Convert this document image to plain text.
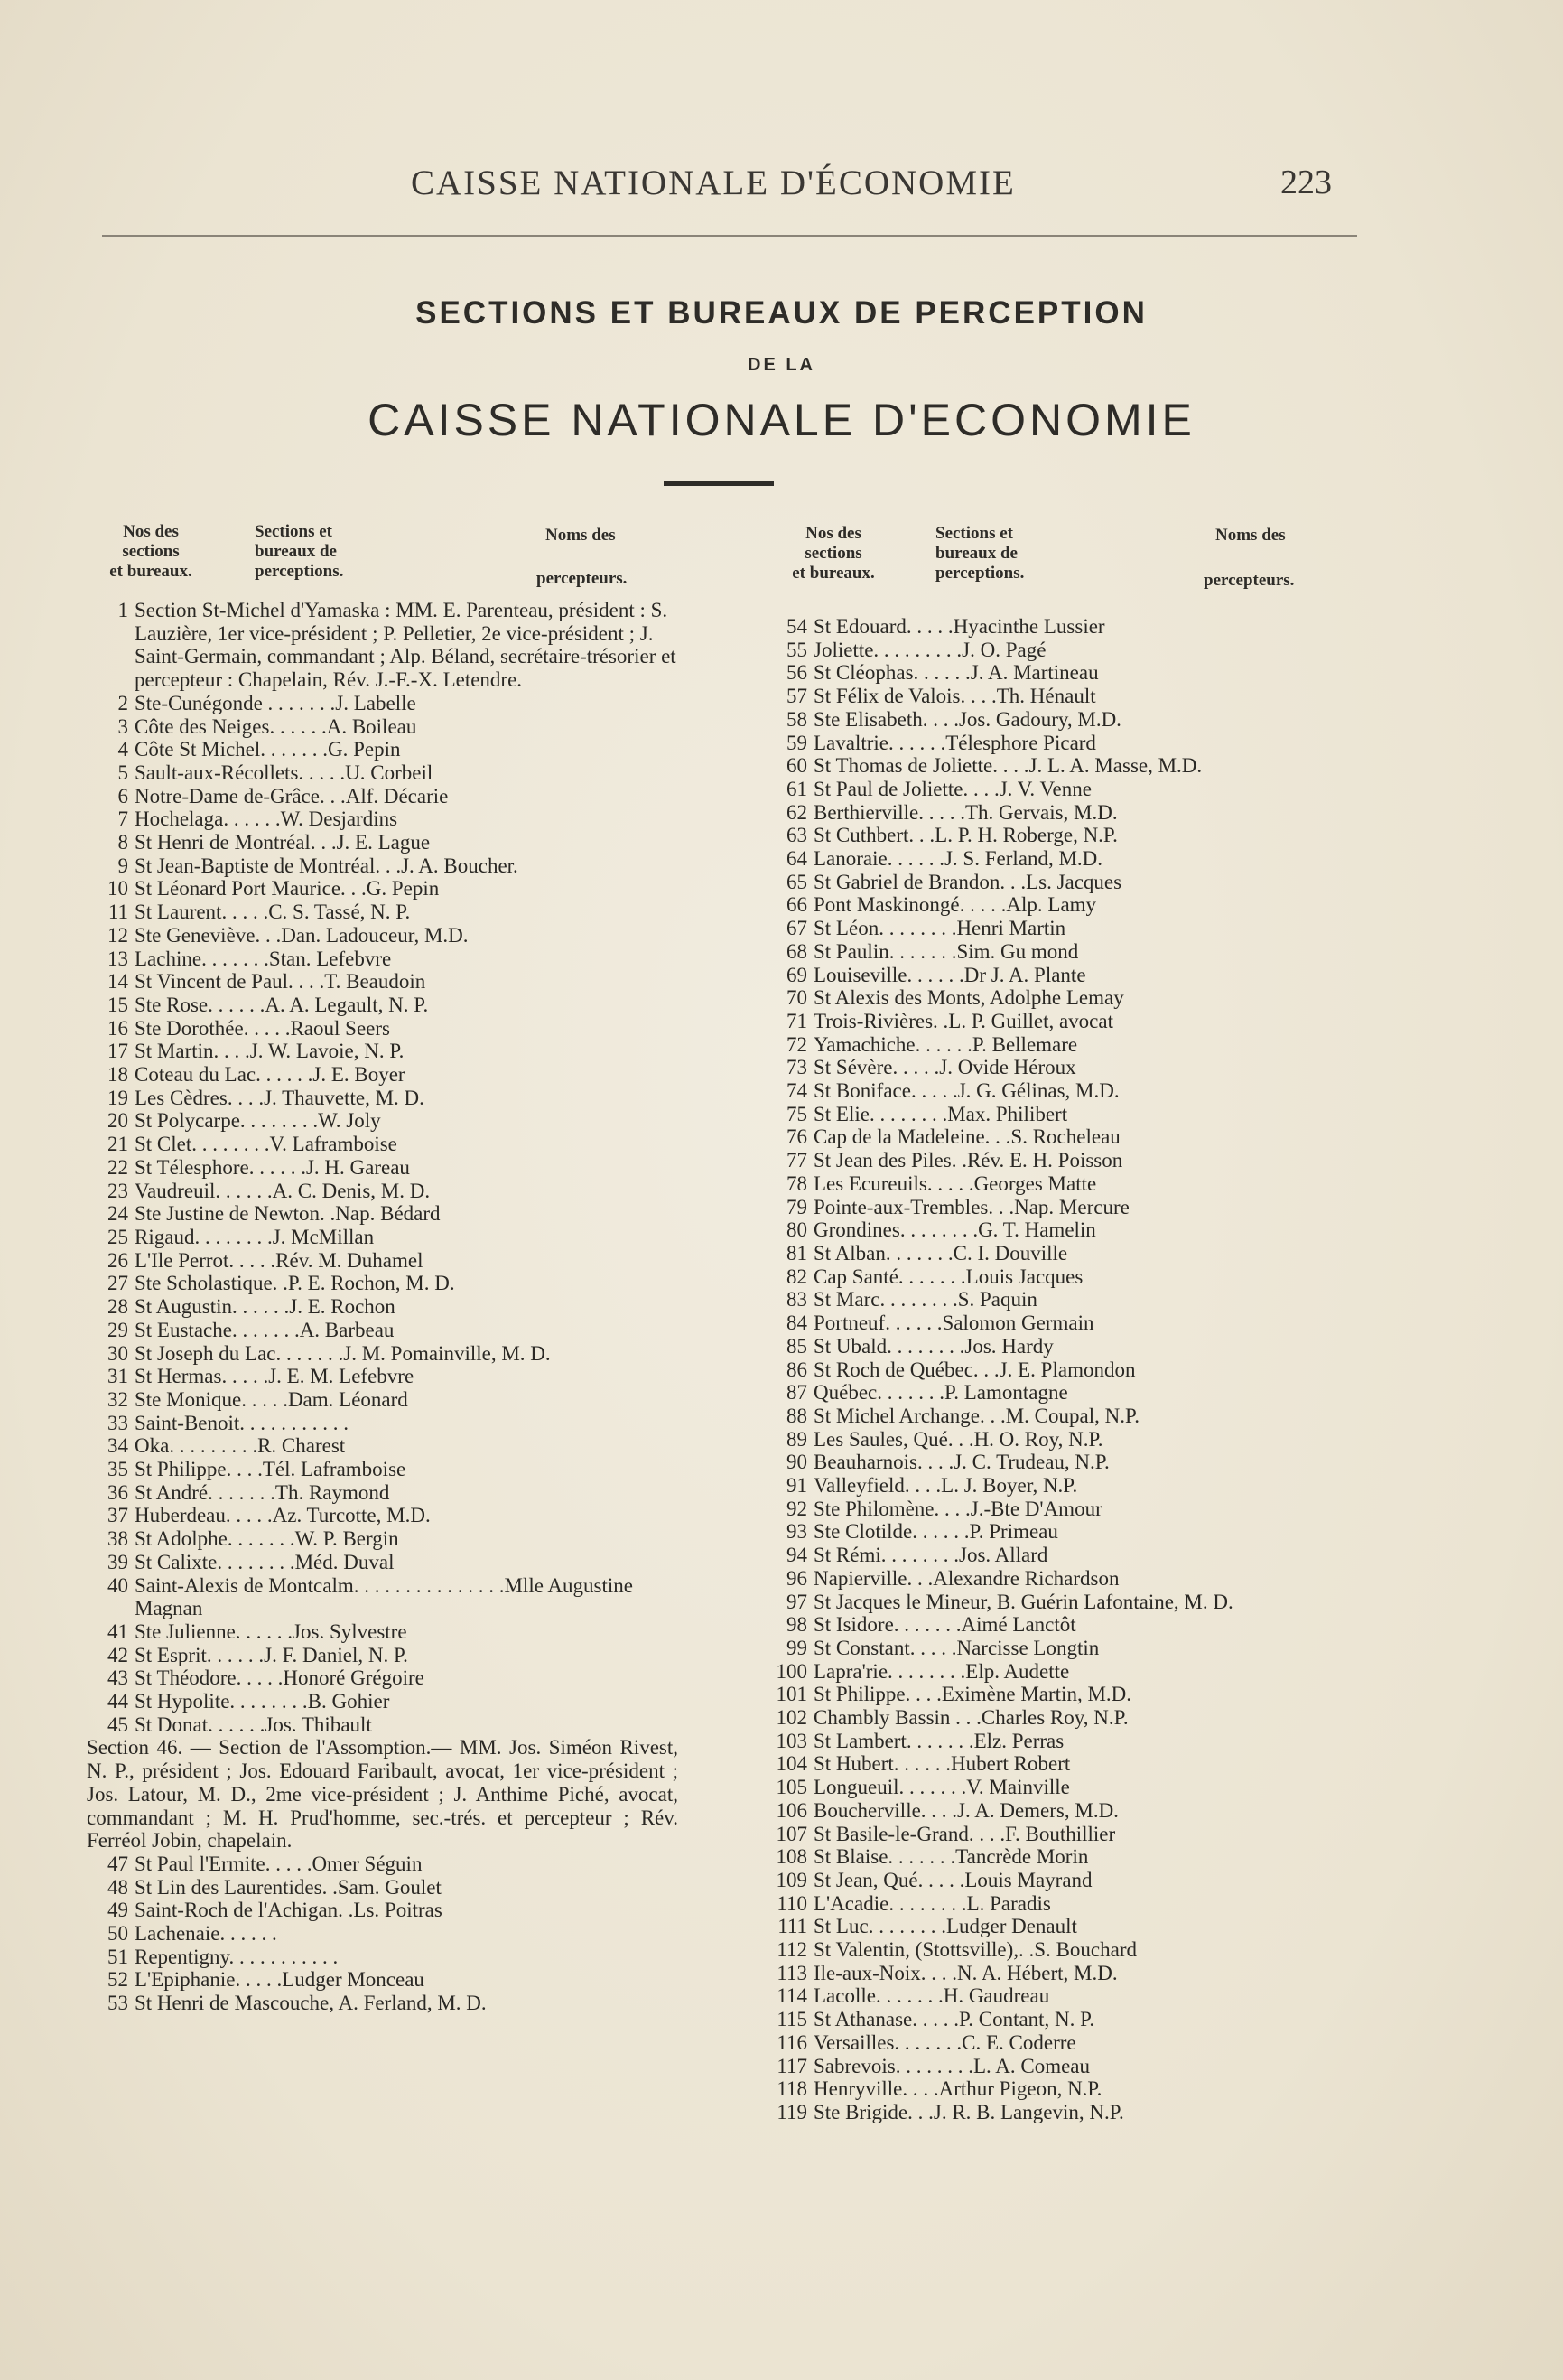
CAISSE NATIONALE D'ÉCONOMIE	223
SECTIONS ET BUREAUX DE PERCEPTION
DE LA
CAISSE NATIONALE D'ECONOMIE
Nos des
sections
et bureaux.
Sections et
bureaux de
perceptions.
Noms des
percepteurs.
Nos des
sections
et bureaux.
Sections et
bureaux de
perceptions.
Noms des
percepteurs.
1 Section St-Michel d'Yamaska : MM. E. Parenteau, président : S. Lauzière, 1er vice-président ; P. Pelletier, 2e vice-président ; J. Saint-Germain, commandant ; Alp. Béland, secrétaire-trésorier et percepteur : Chapelain, Rév. J.-F.-X. Letendre.
2 Ste-Cunégonde . . . . . . .J. Labelle
3 Côte des Neiges. . . . . .A. Boileau
4 Côte St Michel. . . . . . .G. Pepin
5 Sault-aux-Récollets. . . . .U. Corbeil
6 Notre-Dame de-Grâce. . .Alf. Décarie
7 Hochelaga. . . . . .W. Desjardins
8 St Henri de Montréal. . .J. E. Lague
9 St Jean-Baptiste de Montréal. . .J. A. Boucher.
10 St Léonard Port Maurice. . .G. Pepin
11 St Laurent. . . . .C. S. Tassé, N. P.
12 Ste Geneviève. . .Dan. Ladouceur, M.D.
13 Lachine. . . . . . .Stan. Lefebvre
14 St Vincent de Paul. . . .T. Beaudoin
15 Ste Rose. . . . . .A. A. Legault, N. P.
16 Ste Dorothée. . . . .Raoul Seers
17 St Martin. . . .J. W. Lavoie, N. P.
18 Coteau du Lac. . . . . .J. E. Boyer
19 Les Cèdres. . . .J. Thauvette, M. D.
20 St Polycarpe. . . . . . . .W. Joly
21 St Clet. . . . . . . .V. Laframboise
22 St Télesphore. . . . . .J. H. Gareau
23 Vaudreuil. . . . . .A. C. Denis, M. D.
24 Ste Justine de Newton. .Nap. Bédard
25 Rigaud. . . . . . . .J. McMillan
26 L'Ile Perrot. . . . .Rév. M. Duhamel
27 Ste Scholastique. .P. E. Rochon, M. D.
28 St Augustin. . . . . .J. E. Rochon
29 St Eustache. . . . . . .A. Barbeau
30 St Joseph du Lac. . . . . . .J. M. Pomainville, M. D.
31 St Hermas. . . . .J. E. M. Lefebvre
32 Ste Monique. . . . .Dam. Léonard
33 Saint-Benoit. . . . . . . . . . .
34 Oka. . . . . . . . .R. Charest
35 St Philippe. . . .Tél. Laframboise
36 St André. . . . . . .Th. Raymond
37 Huberdeau. . . . .Az. Turcotte, M.D.
38 St Adolphe. . . . . . .W. P. Bergin
39 St Calixte. . . . . . . .Méd. Duval
40 Saint-Alexis de Montcalm. . . . . . . . . . . . . . .Mlle Augustine Magnan
41 Ste Julienne. . . . . .Jos. Sylvestre
42 St Esprit. . . . . .J. F. Daniel, N. P.
43 St Théodore. . . . .Honoré Grégoire
44 St Hypolite. . . . . . . .B. Gohier
45 St Donat. . . . . .Jos. Thibault
Section 46. — Section de l'Assomption.— MM. Jos. Siméon Rivest, N. P., président ; Jos. Edouard Faribault, avocat, 1er vice-président ; Jos. Latour, M. D., 2me vice-président ; J. Anthime Piché, avocat, commandant ; M. H. Prud'homme, sec.-trés. et percepteur ; Rév. Ferréol Jobin, chapelain.
47 St Paul l'Ermite. . . . .Omer Séguin
48 St Lin des Laurentides. .Sam. Goulet
49 Saint-Roch de l'Achigan. .Ls. Poitras
50 Lachenaie. . . . . .
51 Repentigny. . . . . . . . . . .
52 L'Epiphanie. . . . .Ludger Monceau
53 St Henri de Mascouche, A. Ferland, M. D.
54 St Edouard. . . . .Hyacinthe Lussier
55 Joliette. . . . . . . . .J. O. Pagé
56 St Cléophas. . . . . .J. A. Martineau
57 St Félix de Valois. . . .Th. Hénault
58 Ste Elisabeth. . . .Jos. Gadoury, M.D.
59 Lavaltrie. . . . . .Télesphore Picard
60 St Thomas de Joliette. . . .J. L. A. Masse, M.D.
61 St Paul de Joliette. . . .J. V. Venne
62 Berthierville. . . . .Th. Gervais, M.D.
63 St Cuthbert. . .L. P. H. Roberge, N.P.
64 Lanoraie. . . . . .J. S. Ferland, M.D.
65 St Gabriel de Brandon. . .Ls. Jacques
66 Pont Maskinongé. . . . .Alp. Lamy
67 St Léon. . . . . . . .Henri Martin
68 St Paulin. . . . . . .Sim. Gu mond
69 Louiseville. . . . . .Dr J. A. Plante
70 St Alexis des Monts, Adolphe Lemay
71 Trois-Rivières. .L. P. Guillet, avocat
72 Yamachiche. . . . . .P. Bellemare
73 St Sévère. . . . .J. Ovide Héroux
74 St Boniface. . . . .J. G. Gélinas, M.D.
75 St Elie. . . . . . . .Max. Philibert
76 Cap de la Madeleine. . .S. Rocheleau
77 St Jean des Piles. .Rév. E. H. Poisson
78 Les Ecureuils. . . . .Georges Matte
79 Pointe-aux-Trembles. . .Nap. Mercure
80 Grondines. . . . . . . .G. T. Hamelin
81 St Alban. . . . . . .C. I. Douville
82 Cap Santé. . . . . . .Louis Jacques
83 St Marc. . . . . . . .S. Paquin
84 Portneuf. . . . . .Salomon Germain
85 St Ubald. . . . . . . .Jos. Hardy
86 St Roch de Québec. . .J. E. Plamondon
87 Québec. . . . . . .P. Lamontagne
88 St Michel Archange. . .M. Coupal, N.P.
89 Les Saules, Qué. . .H. O. Roy, N.P.
90 Beauharnois. . . .J. C. Trudeau, N.P.
91 Valleyfield. . . .L. J. Boyer, N.P.
92 Ste Philomène. . . .J.-Bte D'Amour
93 Ste Clotilde. . . . . .P. Primeau
94 St Rémi. . . . . . . .Jos. Allard
96 Napierville. . .Alexandre Richardson
97 St Jacques le Mineur, B. Guérin Lafontaine, M. D.
98 St Isidore. . . . . . .Aimé Lanctôt
99 St Constant. . . . .Narcisse Longtin
100 Lapra'rie. . . . . . . .Elp. Audette
101 St Philippe. . . .Eximène Martin, M.D.
102 Chambly Bassin . . .Charles Roy, N.P.
103 St Lambert. . . . . . .Elz. Perras
104 St Hubert. . . . . .Hubert Robert
105 Longueuil. . . . . . .V. Mainville
106 Boucherville. . . .J. A. Demers, M.D.
107 St Basile-le-Grand. . . .F. Bouthillier
108 St Blaise. . . . . . .Tancrède Morin
109 St Jean, Qué. . . . .Louis Mayrand
110 L'Acadie. . . . . . . .L. Paradis
111 St Luc. . . . . . . .Ludger Denault
112 St Valentin, (Stottsville),. .S. Bouchard
113 Ile-aux-Noix. . . .N. A. Hébert, M.D.
114 Lacolle. . . . . . .H. Gaudreau
115 St Athanase. . . . .P. Contant, N. P.
116 Versailles. . . . . . .C. E. Coderre
117 Sabrevois. . . . . . . .L. A. Comeau
118 Henryville. . . .Arthur Pigeon, N.P.
119 Ste Brigide. . .J. R. B. Langevin, N.P.
